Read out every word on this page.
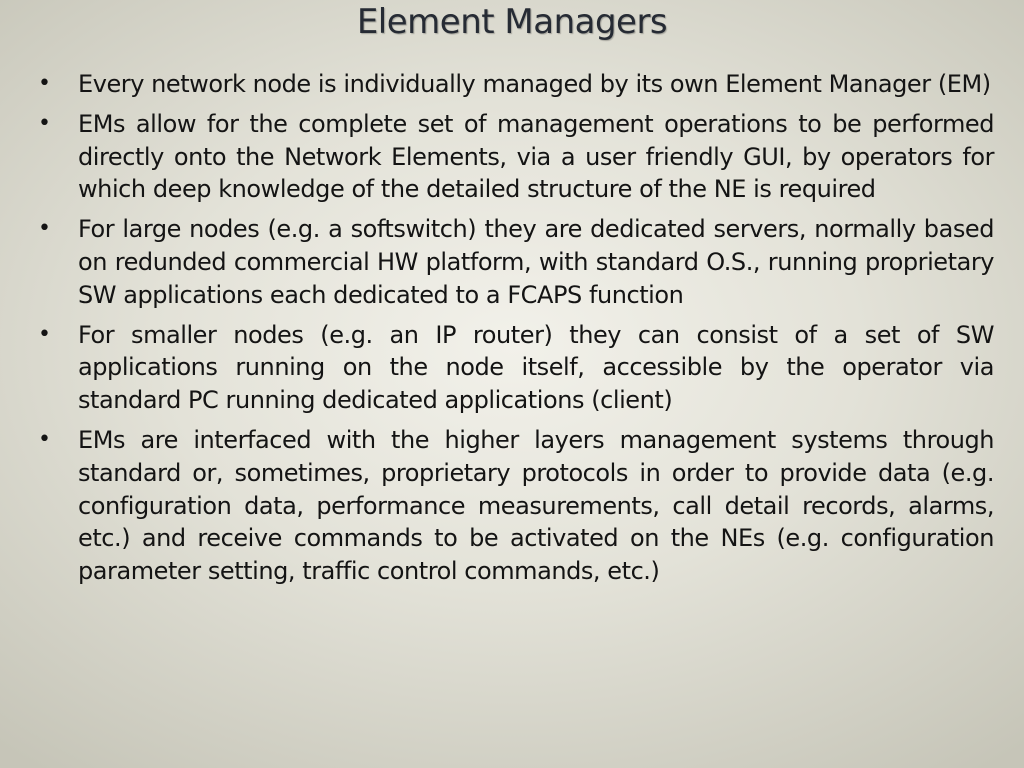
Element Managers
•	Every network node is individually managed by its own Element Manager (EM)
•	EMs allow for the complete set of management operations to be performed directly onto the Network Elements, via a user friendly GUI, by operators for which deep knowledge of the detailed structure of the NE is required
•	For large nodes (e.g. a softswitch) they are dedicated servers, normally based on redunded commercial HW platform, with standard O.S., running proprietary SW applications each dedicated to a FCAPS function
•	For smaller nodes (e.g. an IP router) they can consist of a set of SW applications running on the node itself, accessible by the operator via standard PC running dedicated applications (client)
•	EMs are interfaced with the higher layers management systems through standard or, sometimes, proprietary protocols in order to provide data (e.g. configuration data, performance measurements, call detail records, alarms, etc.) and receive commands to be activated on the NEs (e.g. configuration parameter setting, traffic control commands, etc.)
